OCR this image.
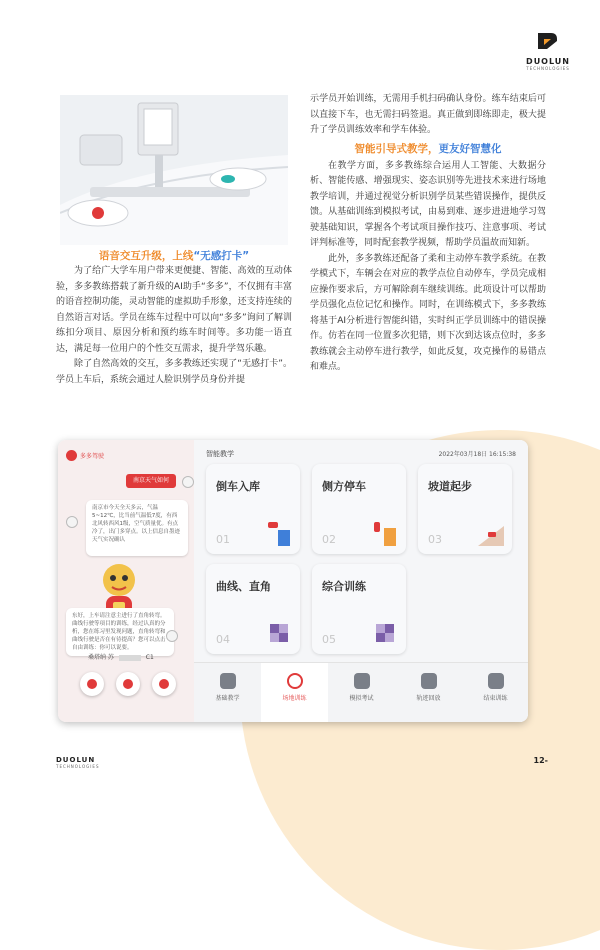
DUOLUN
TECHNOLOGIES

语音交互升级，上线“无感打卡”

为了给广大学车用户带来更便捷、智能、高效的互动体验，多多教练搭载了新升级的AI助手“多多”，不仅拥有丰富的语音控制功能，灵动智能的虚拟助手形象，还支持连续的自然语言对话。学员在练车过程中可以向“多多”询问了解训练扣分项目、原因分析和预约练车时间等。多功能一语直达，满足每一位用户的个性交互需求，提升学驾乐趣。

除了自然高效的交互，多多教练还实现了“无感打卡”。学员上车后，系统会通过人脸识别学员身份并提

示学员开始训练，无需用手机扫码确认身份。练车结束后可以直接下车，也无需扫码签退。真正做到即练即走，极大提升了学员训练效率和学车体验。

智能引导式教学，更友好智慧化

在教学方面，多多教练综合运用人工智能、大数据分析、智能传感、增强现实、姿态识别等先进技术来进行场地教学培训，并通过视觉分析识别学员某些错误操作，提供反馈。从基础训练到模拟考试，由易到难、逐步进进地学习驾驶基础知识，掌握各个考试项目操作技巧、注意事项、考试评判标准等，同时配套教学视频，帮助学员温故而知新。

此外，多多教练还配备了柔和主动停车教学系统。在教学模式下，车辆会在对应的教学点位自动停车，学员完成相应操作要求后，方可解除刹车继续训练。此项设计可以帮助学员强化点位记忆和操作。同时，在训练模式下，多多教练将基于AI分析进行智能纠错，实时纠正学员训练中的错误操作。仿若在同一位置多次犯错，则下次到达该点位时，多多教练就会主动停车进行教学，如此反复，攻克操作的易错点和难点。

多多驾驶
南京天气如何
南京市今天全天多云，气温5~12℃，比当前气温低7度，有西北风转西风1级，空气质量优。有点冷了，出门多穿点。以上信息自墨迹天气实况确认
东好，上车请注意主进行了直角转弯。曲线行驶等项目的训练，经过认真的分析，您在练习里发现问题，直角转弯和曲线行驶是否在有待提高？您可以点击自由训练：你可以说要。
桑塔纳 苏	C1
智能教学	2022年03月18日 16:15:38
倒车入库
01
侧方停车
02
坡道起步
03
曲线、直角
04
综合训练
05
基础教学	场地训练	模拟考试	轨迹回放	结束训练
DUOLUN
TECHNOLOGIES
12-
